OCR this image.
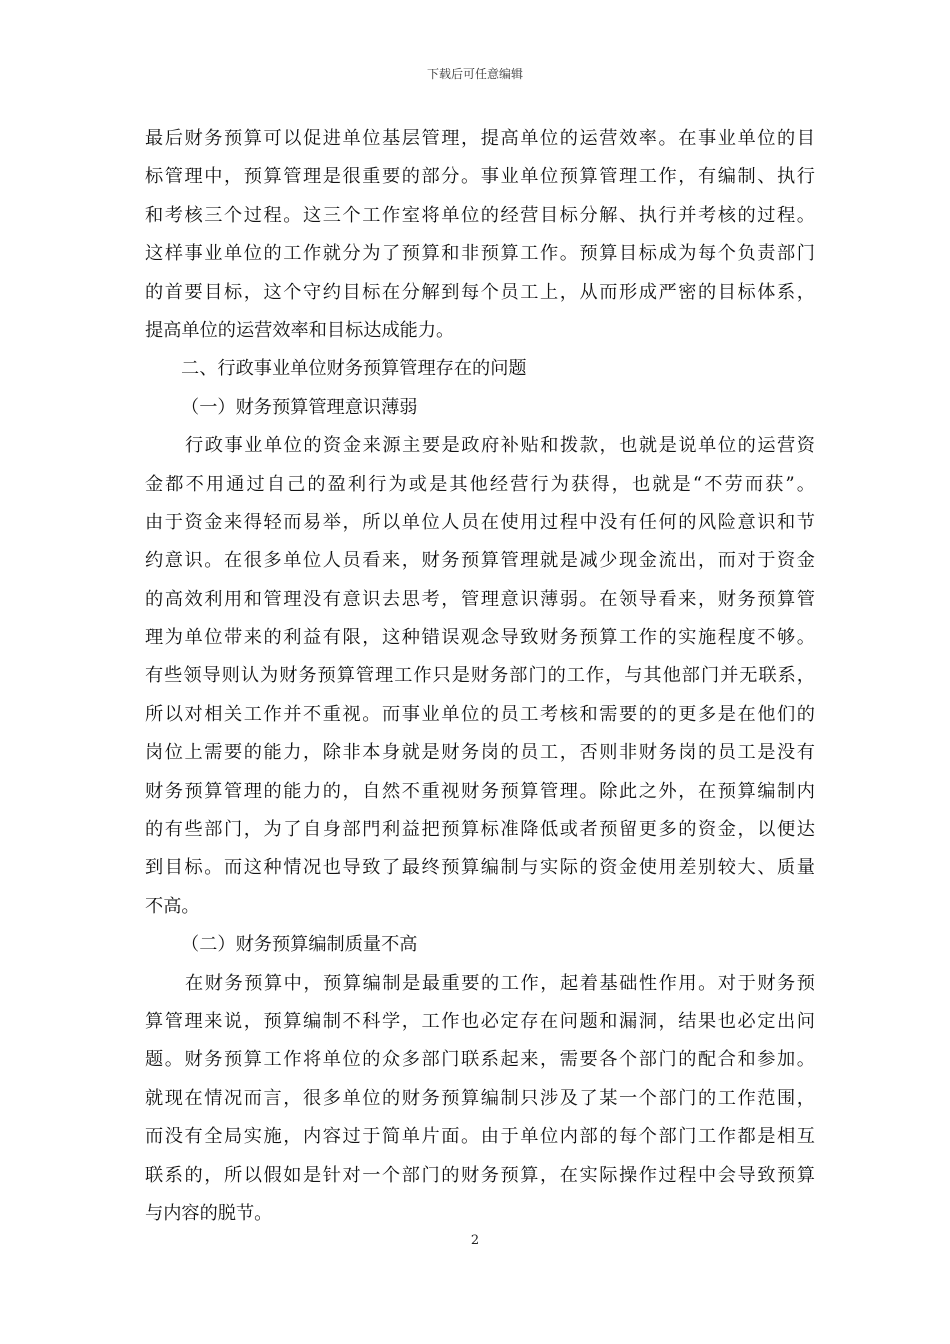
下载后可任意编辑
最后财务预算可以促进单位基层管理，提高单位的运营效率。在事业单位的目
标管理中，预算管理是很重要的部分。事业单位预算管理工作，有编制、执行
和考核三个过程。这三个工作室将单位的经营目标分解、执行并考核的过程。
这样事业单位的工作就分为了预算和非预算工作。预算目标成为每个负责部门
的首要目标，这个守约目标在分解到每个员工上，从而形成严密的目标体系，
提高单位的运营效率和目标达成能力。
二、行政事业单位财务预算管理存在的问题
（一）财务预算管理意识薄弱
行政事业单位的资金来源主要是政府补贴和拨款，也就是说单位的运营资
金都不用通过自己的盈利行为或是其他经营行为获得，也就是“不劳而获”。
由于资金来得轻而易举，所以单位人员在使用过程中没有任何的风险意识和节
约意识。在很多单位人员看来，财务预算管理就是减少现金流出，而对于资金
的高效利用和管理没有意识去思考，管理意识薄弱。在领导看来，财务预算管
理为单位带来的利益有限，这种错误观念导致财务预算工作的实施程度不够。
有些领导则认为财务预算管理工作只是财务部门的工作，与其他部门并无联系，
所以对相关工作并不重视。而事业单位的员工考核和需要的的更多是在他们的
岗位上需要的能力，除非本身就是财务岗的员工，否则非财务岗的员工是没有
财务预算管理的能力的，自然不重视财务预算管理。除此之外，在预算编制内
的有些部门，为了自身部門利益把预算标准降低或者预留更多的资金，以便达
到目标。而这种情况也导致了最终预算编制与实际的资金使用差别较大、质量
不高。
（二）财务预算编制质量不高
在财务预算中，预算编制是最重要的工作，起着基础性作用。对于财务预
算管理来说，预算编制不科学，工作也必定存在问题和漏洞，结果也必定出问
题。财务预算工作将单位的众多部门联系起来，需要各个部门的配合和参加。
就现在情况而言，很多单位的财务预算编制只涉及了某一个部门的工作范围，
而没有全局实施，内容过于简单片面。由于单位内部的每个部门工作都是相互
联系的，所以假如是针对一个部门的财务预算，在实际操作过程中会导致预算
与内容的脱节。
2
